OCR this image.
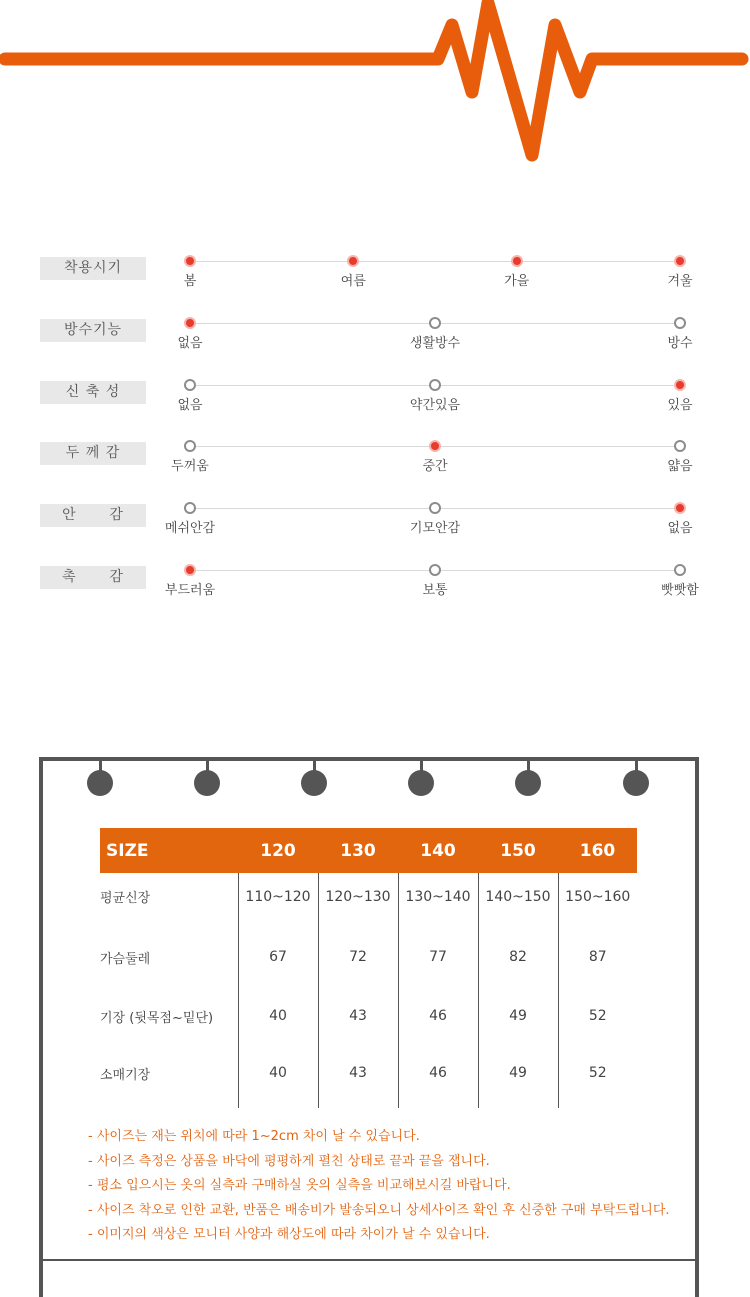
착용시기
봄	여름	가을	겨울
방수기능
없음	생활방수	방수
신 축 성
없음	약간있음	있음
두 께 감
두꺼움	중간	얇음
안      감
메쉬안감	기모안감	없음
촉      감
부드러움	보통	빳빳함
SIZE	120	130	140	150	160
평균신장	110~120	120~130	130~140	140~150	150~160
가슴둘레	67	72	77	82	87
기장 (뒷목점~밑단)	40	43	46	49	52
소매기장	40	43	46	49	52
- 사이즈는 재는 위치에 따라 1~2cm 차이 날 수 있습니다.
- 사이즈 측정은 상품을 바닥에 평평하게 펼친 상태로 끝과 끝을 잽니다.
- 평소 입으시는 옷의 실측과 구매하실 옷의 실측을 비교해보시길 바랍니다.
- 사이즈 착오로 인한 교환, 반품은 배송비가 발송되오니 상세사이즈 확인 후 신중한 구매 부탁드립니다.
- 이미지의 색상은 모니터 사양과 해상도에 따라 차이가 날 수 있습니다.
